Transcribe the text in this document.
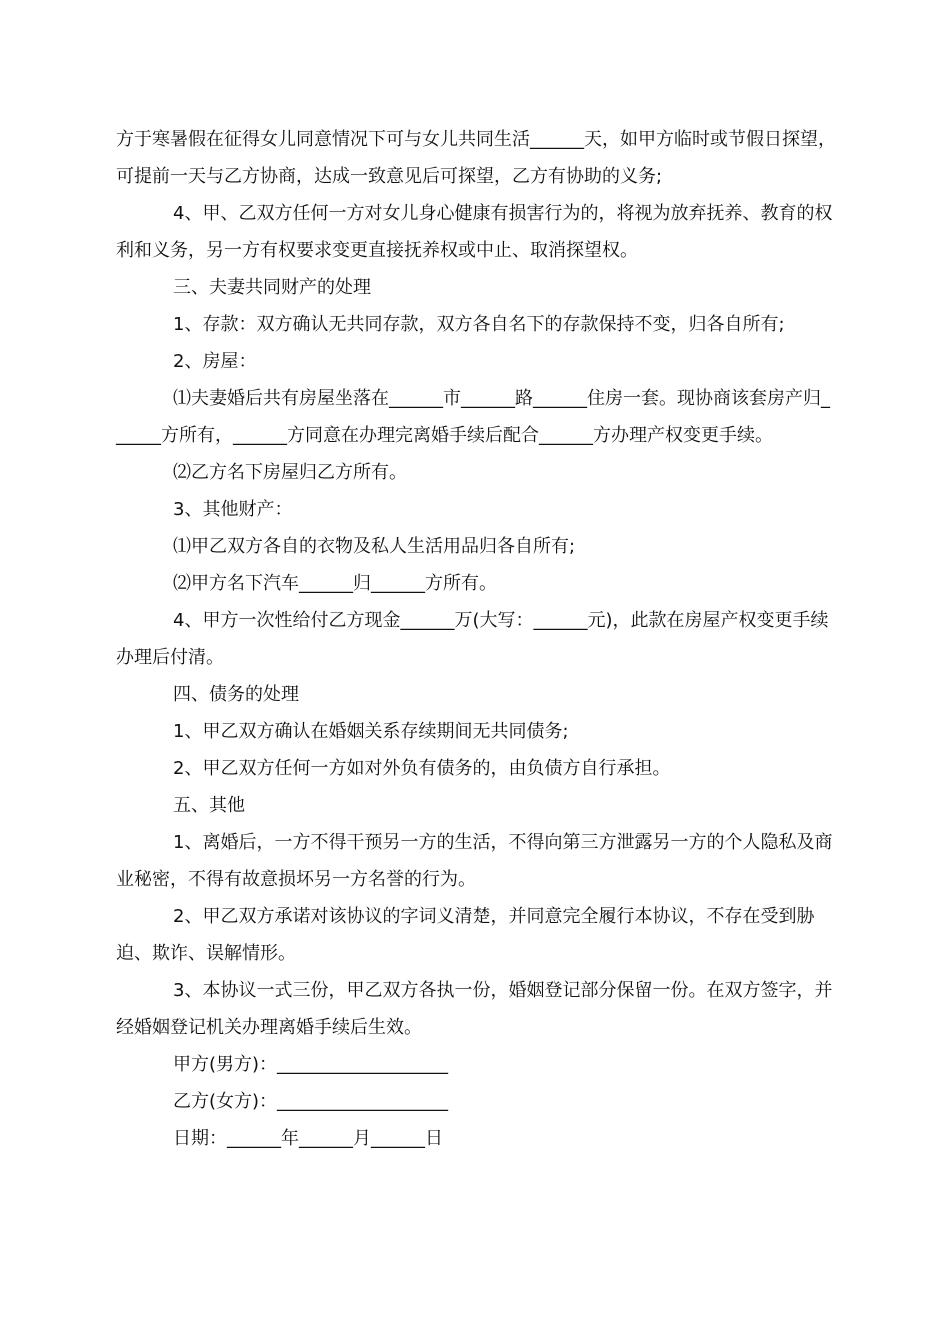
方于寒暑假在征得女儿同意情况下可与女儿共同生活______天，如甲方临时或节假日探望，可提前一天与乙方协商，达成一致意见后可探望，乙方有协助的义务;

4、甲、乙双方任何一方对女儿身心健康有损害行为的，将视为放弃抚养、教育的权利和义务，另一方有权要求变更直接抚养权或中止、取消探望权。

三、夫妻共同财产的处理

1、存款：双方确认无共同存款，双方各自名下的存款保持不变，归各自所有;

2、房屋：

⑴夫妻婚后共有房屋坐落在______市______路______住房一套。现协商该套房产归______方所有，______方同意在办理完离婚手续后配合______方办理产权变更手续。

⑵乙方名下房屋归乙方所有。

3、其他财产：

⑴甲乙双方各自的衣物及私人生活用品归各自所有;

⑵甲方名下汽车______归______方所有。

4、甲方一次性给付乙方现金______万(大写：______元)，此款在房屋产权变更手续办理后付清。

四、债务的处理

1、甲乙双方确认在婚姻关系存续期间无共同债务;

2、甲乙双方任何一方如对外负有债务的，由负债方自行承担。

五、其他

1、离婚后，一方不得干预另一方的生活，不得向第三方泄露另一方的个人隐私及商业秘密，不得有故意损坏另一方名誉的行为。

2、甲乙双方承诺对该协议的字词义清楚，并同意完全履行本协议，不存在受到胁迫、欺诈、误解情形。

3、本协议一式三份，甲乙双方各执一份，婚姻登记部分保留一份。在双方签字，并经婚姻登记机关办理离婚手续后生效。

甲方(男方)：___________________

乙方(女方)：___________________

日期：______年______月______日
